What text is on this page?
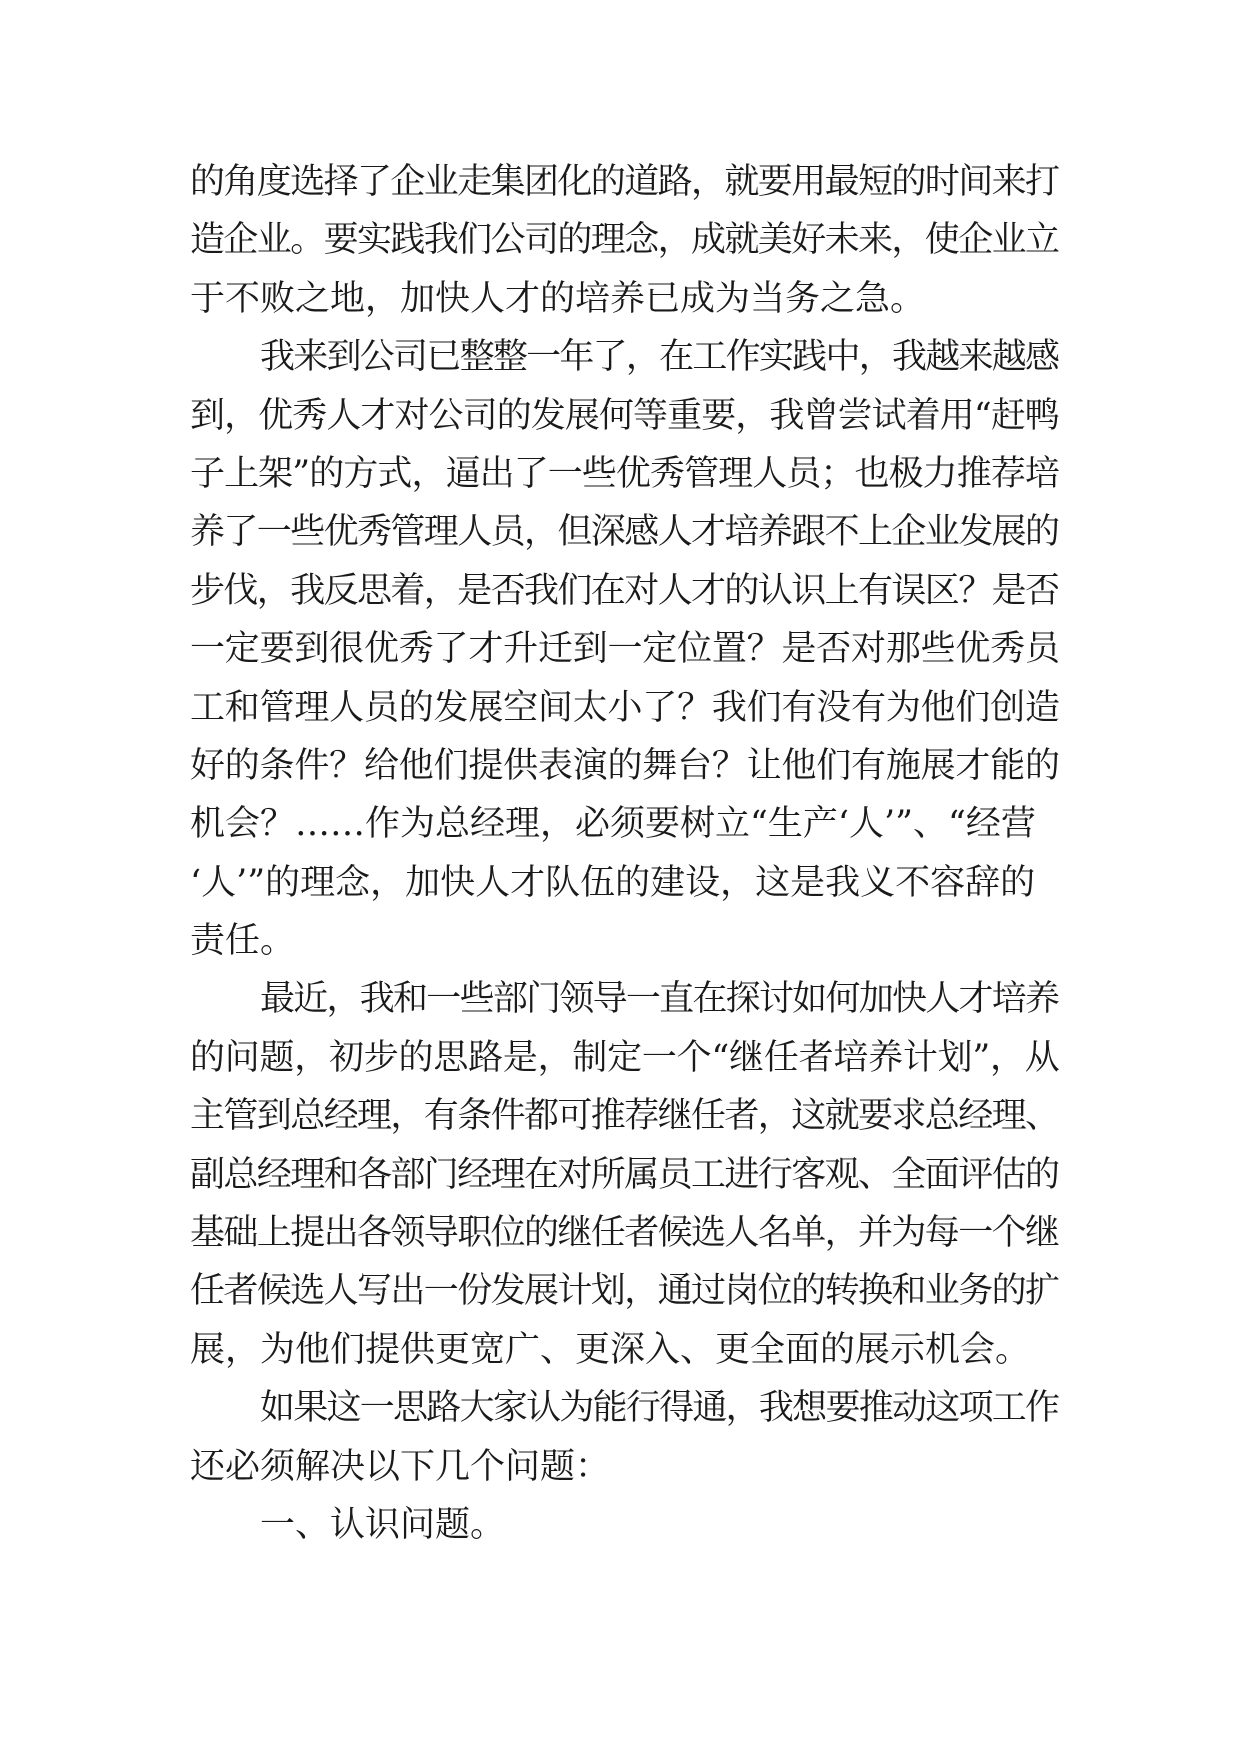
的角度选择了企业走集团化的道路，就要用最短的时间来打
造企业。要实践我们公司的理念，成就美好未来，使企业立
于不败之地，加快人才的培养已成为当务之急。
我来到公司已整整一年了，在工作实践中，我越来越感
到，优秀人才对公司的发展何等重要，我曾尝试着用“赶鸭
子上架”的方式，逼出了一些优秀管理人员；也极力推荐培
养了一些优秀管理人员，但深感人才培养跟不上企业发展的
步伐，我反思着，是否我们在对人才的认识上有误区？是否
一定要到很优秀了才升迁到一定位置？是否对那些优秀员
工和管理人员的发展空间太小了？我们有没有为他们创造
好的条件？给他们提供表演的舞台？让他们有施展才能的
机会？……作为总经理，必须要树立“生产‘人’”、“经营
‘人’”的理念，加快人才队伍的建设，这是我义不容辞的
责任。
最近，我和一些部门领导一直在探讨如何加快人才培养
的问题，初步的思路是，制定一个“继任者培养计划”，从
主管到总经理，有条件都可推荐继任者，这就要求总经理、
副总经理和各部门经理在对所属员工进行客观、全面评估的
基础上提出各领导职位的继任者候选人名单，并为每一个继
任者候选人写出一份发展计划，通过岗位的转换和业务的扩
展，为他们提供更宽广、更深入、更全面的展示机会。
如果这一思路大家认为能行得通，我想要推动这项工作
还必须解决以下几个问题：
一、认识问题。
